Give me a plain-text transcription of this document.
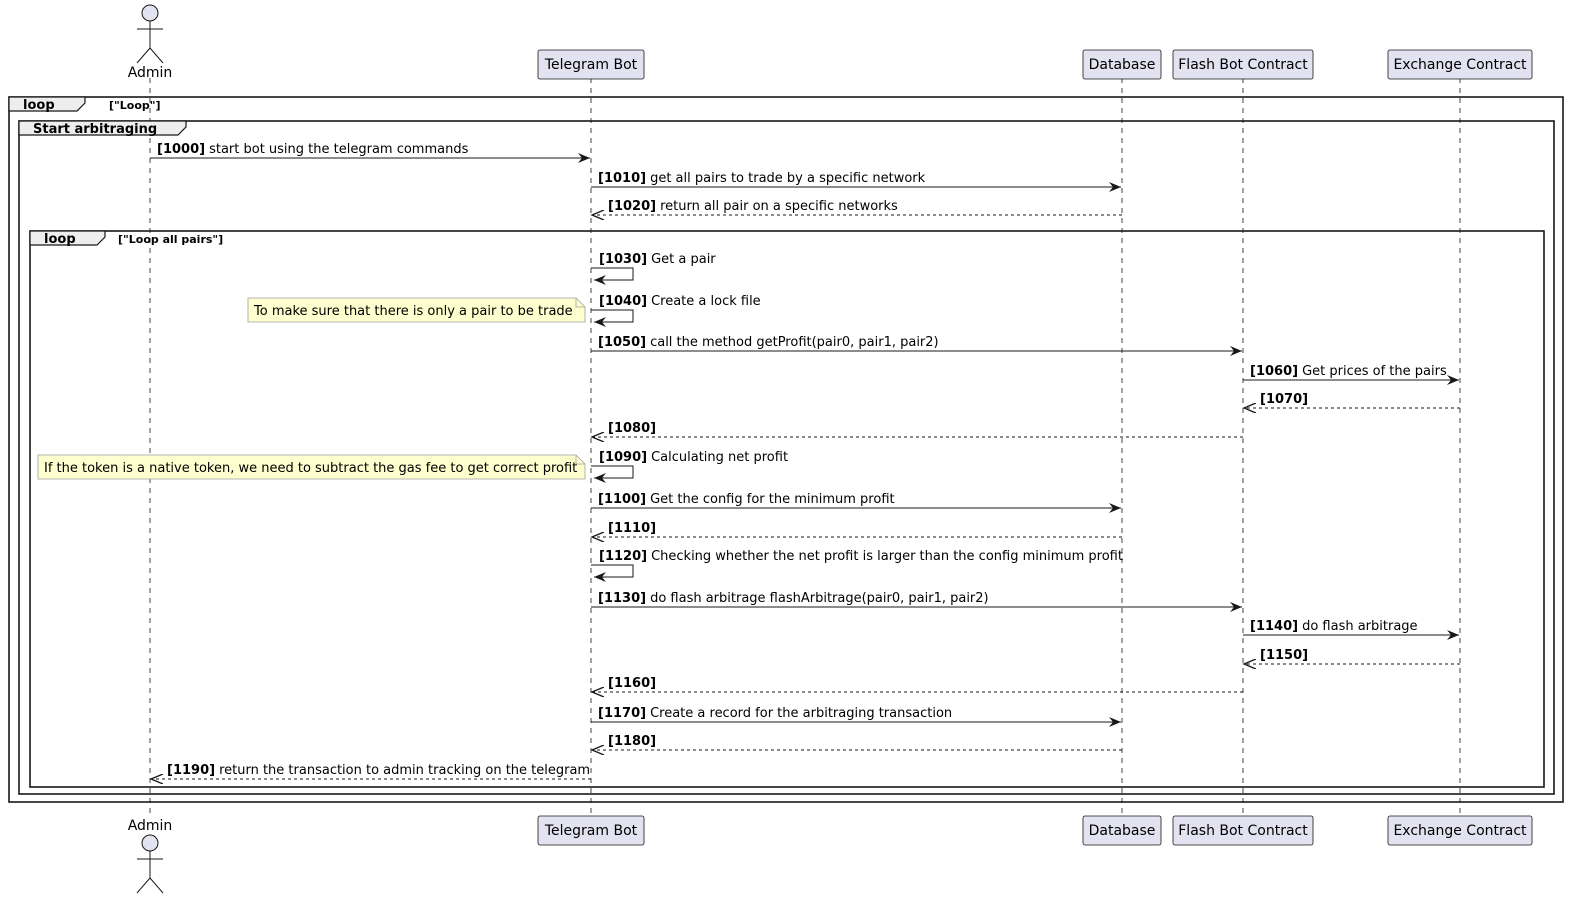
Admin	Telegram Bot	Database Flash Bot Contract	Exchange Contract
Admin	Telegram Bot	Database Flash Bot Contract	Exchange Contract
loop	["Loop"]
Start arbitraging
loop	["Loop all pairs"]
[1000] start bot using the telegram commands
[1010] get all pairs to trade by a specific network
[1020] return all pair on a specific networks
[1030] Get a pair
[1040] Create a lock file
[1050] call the method getProfit(pair0, pair1, pair2)
[1060] Get prices of the pairs
[1070]
[1080]
[1090] Calculating net profit
[1100] Get the config for the minimum profit
[1110]
[1120] Checking whether the net profit is larger than the config minimum profit
[1130] do flash arbitrage flashArbitrage(pair0, pair1, pair2)
[1140] do flash arbitrage
[1150]
[1160]
[1170] Create a record for the arbitraging transaction
[1180]
[1190] return the transaction to admin tracking on the telegram
To make sure that there is only a pair to be trade
If the token is a native token, we need to subtract the gas fee to get correct profit
